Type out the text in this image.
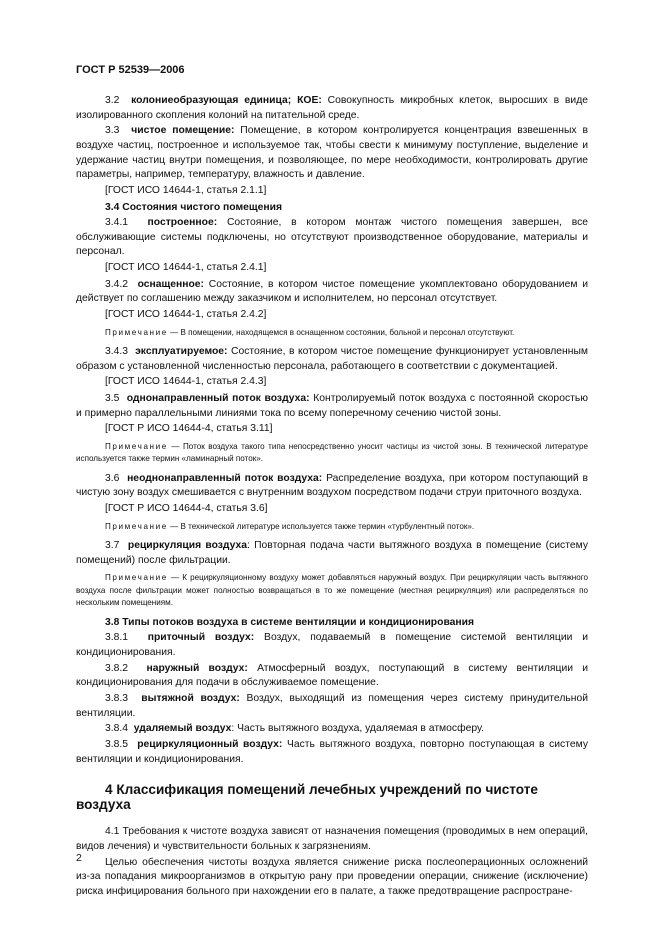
ГОСТ Р 52539—2006

3.2 колониеобразующая единица; КОЕ: Совокупность микробных клеток, выросших в виде изолированного скопления колоний на питательной среде.

3.3 чистое помещение: Помещение, в котором контролируется концентрация взвешенных в воздухе частиц, построенное и используемое так, чтобы свести к минимуму поступление, выделение и удержание частиц внутри помещения, и позволяющее, по мере необходимости, контролировать другие параметры, например, температуру, влажность и давление.

[ГОСТ ИСО 14644-1, статья 2.1.1]

3.4 Состояния чистого помещения

3.4.1 построенное: Состояние, в котором монтаж чистого помещения завершен, все обслуживающие системы подключены, но отсутствуют производственное оборудование, материалы и персонал.

[ГОСТ ИСО 14644-1, статья 2.4.1]

3.4.2 оснащенное: Состояние, в котором чистое помещение укомплектовано оборудованием и действует по соглашению между заказчиком и исполнителем, но персонал отсутствует.

[ГОСТ ИСО 14644-1, статья 2.4.2]

Примечание — В помещении, находящемся в оснащенном состоянии, больной и персонал отсутствуют.

3.4.3 эксплуатируемое: Состояние, в котором чистое помещение функционирует установленным образом с установленной численностью персонала, работающего в соответствии с документацией.

[ГОСТ ИСО 14644-1, статья 2.4.3]

3.5 однонаправленный поток воздуха: Контролируемый поток воздуха с постоянной скоростью и примерно параллельными линиями тока по всему поперечному сечению чистой зоны.

[ГОСТ Р ИСО 14644-4, статья 3.11]

Примечание — Поток воздуха такого типа непосредственно уносит частицы из чистой зоны. В технической литературе используется также термин «ламинарный поток».

3.6 неоднонаправленный поток воздуха: Распределение воздуха, при котором поступающий в чистую зону воздух смешивается с внутренним воздухом посредством подачи струи приточного воздуха.

[ГОСТ Р ИСО 14644-4, статья 3.6]

Примечание — В технической литературе используется также термин «турбулентный поток».

3.7 рециркуляция воздуха: Повторная подача части вытяжного воздуха в помещение (систему помещений) после фильтрации.

Примечание — К рециркуляционному воздуху может добавляться наружный воздух. При рециркуляции часть вытяжного воздуха после фильтрации может полностью возвращаться в то же помещение (местная рециркуляция) или распределяться по нескольким помещениям.

3.8 Типы потоков воздуха в системе вентиляции и кондиционирования

3.8.1 приточный воздух: Воздух, подаваемый в помещение системой вентиляции и кондиционирования.

3.8.2 наружный воздух: Атмосферный воздух, поступающий в систему вентиляции и кондиционирования для подачи в обслуживаемое помещение.

3.8.3 вытяжной воздух: Воздух, выходящий из помещения через систему принудительной вентиляции.

3.8.4 удаляемый воздух: Часть вытяжного воздуха, удаляемая в атмосферу.

3.8.5 рециркуляционный воздух: Часть вытяжного воздуха, повторно поступающая в систему вентиляции и кондиционирования.

4 Классификация помещений лечебных учреждений по чистоте воздуха

4.1 Требования к чистоте воздуха зависят от назначения помещения (проводимых в нем операций, видов лечения) и чувствительности больных к загрязнениям.

Целью обеспечения чистоты воздуха является снижение риска послеоперационных осложнений из-за попадания микроорганизмов в открытую рану при проведении операции, снижение (исключение) риска инфицирования больного при нахождении его в палате, а также предотвращение распростране-

2
